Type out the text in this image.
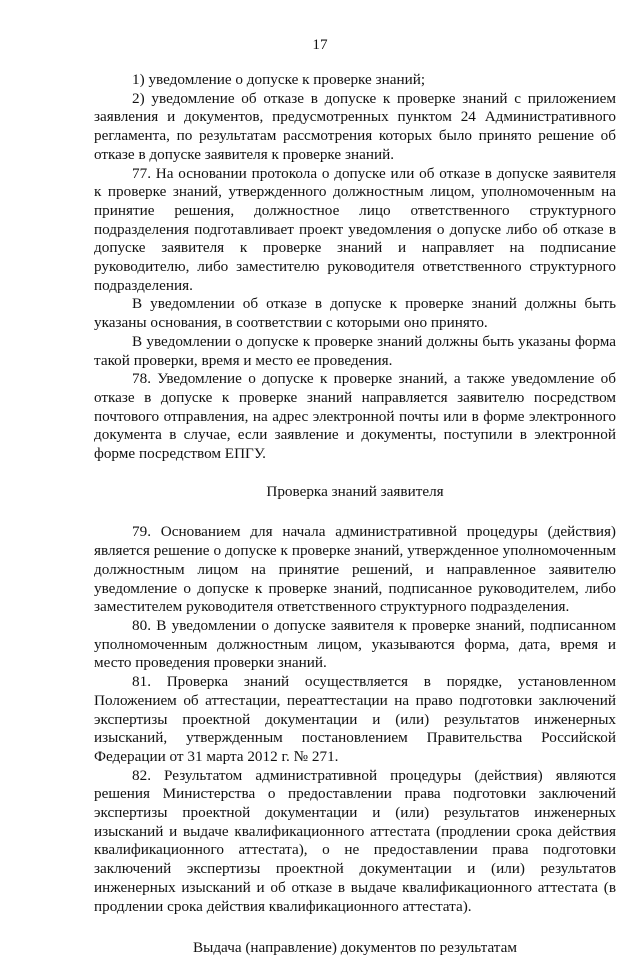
17

1) уведомление о допуске к проверке знаний;

2) уведомление об отказе в допуске к проверке знаний с приложением заявления и документов, предусмотренных пунктом 24 Административного регламента, по результатам рассмотрения которых было принято решение об отказе в допуске заявителя к проверке знаний.

77. На основании протокола о допуске или об отказе в допуске заявителя к проверке знаний, утвержденного должностным лицом, уполномоченным на принятие решения, должностное лицо ответственного структурного подразделения подготавливает проект уведомления о допуске либо об отказе в допуске заявителя к проверке знаний и направляет на подписание руководителю, либо заместителю руководителя ответственного структурного подразделения.

В уведомлении об отказе в допуске к проверке знаний должны быть указаны основания, в соответствии с которыми оно принято.

В уведомлении о допуске к проверке знаний должны быть указаны форма такой проверки, время и место ее проведения.

78. Уведомление о допуске к проверке знаний, а также уведомление об отказе в допуске к проверке знаний направляется заявителю посредством почтового отправления, на адрес электронной почты или в форме электронного документа в случае, если заявление и документы, поступили в электронной форме посредством ЕПГУ.

Проверка знаний заявителя

79. Основанием для начала административной процедуры (действия) является решение о допуске к проверке знаний, утвержденное уполномоченным должностным лицом на принятие решений, и направленное заявителю уведомление о допуске к проверке знаний, подписанное руководителем, либо заместителем руководителя ответственного структурного подразделения.

80. В уведомлении о допуске заявителя к проверке знаний, подписанном уполномоченным должностным лицом, указываются форма, дата, время и место проведения проверки знаний.

81. Проверка знаний осуществляется в порядке, установленном Положением об аттестации, переаттестации на право подготовки заключений экспертизы проектной документации и (или) результатов инженерных изысканий, утвержденным постановлением Правительства Российской Федерации от 31 марта 2012 г. № 271.

82. Результатом административной процедуры (действия) являются решения Министерства о предоставлении права подготовки заключений экспертизы проектной документации и (или) результатов инженерных изысканий и выдаче квалификационного аттестата (продлении срока действия квалификационного аттестата), о не предоставлении права подготовки заключений экспертизы проектной документации и (или) результатов инженерных изысканий и об отказе в выдаче квалификационного аттестата (в продлении срока действия квалификационного аттестата).

Выдача (направление) документов по результатам
